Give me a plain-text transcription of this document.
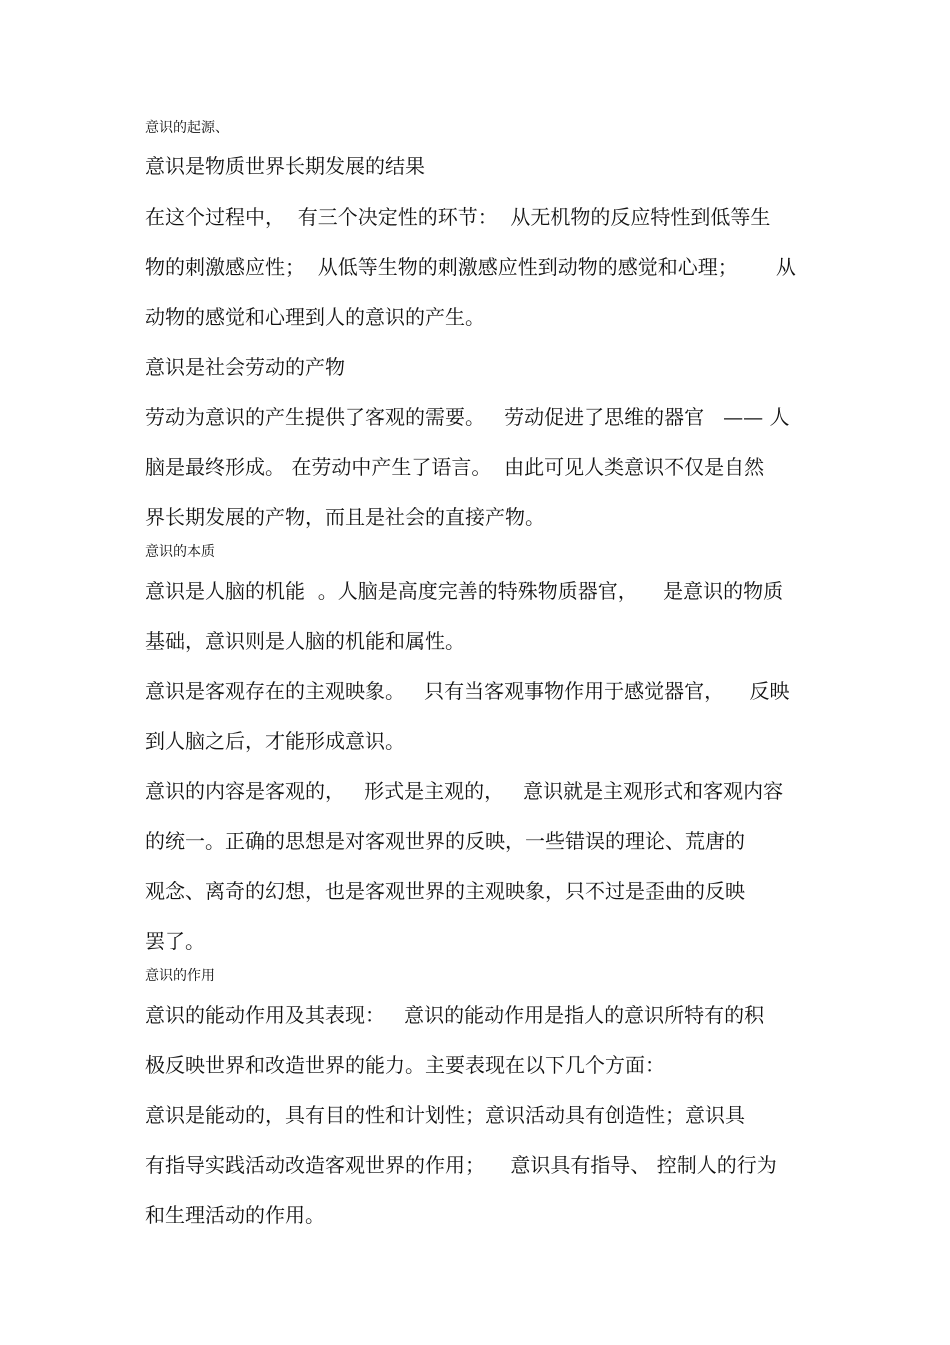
意识的起源、
意识是物质世界长期发展的结果
在这个过程中，  有三个决定性的环节：  从无机物的反应特性到低等生
物的刺激感应性；  从低等生物的刺激感应性到动物的感觉和心理；      从
动物的感觉和心理到人的意识的产生。
意识是社会劳动的产物
劳动为意识的产生提供了客观的需要。   劳动促进了思维的器官   —— 人
脑是最终形成。 在劳动中产生了语言。  由此可见人类意识不仅是自然
界长期发展的产物，而且是社会的直接产物。
意识的本质
意识是人脑的机能  。人脑是高度完善的特殊物质器官，    是意识的物质
基础，意识则是人脑的机能和属性。
意识是客观存在的主观映象。   只有当客观事物作用于感觉器官，    反映
到人脑之后，才能形成意识。
意识的内容是客观的，   形式是主观的，   意识就是主观形式和客观内容
的统一。正确的思想是对客观世界的反映，一些错误的理论、荒唐的
观念、离奇的幻想，也是客观世界的主观映象，只不过是歪曲的反映
罢了。
意识的作用
意识的能动作用及其表现：   意识的能动作用是指人的意识所特有的积
极反映世界和改造世界的能力。主要表现在以下几个方面：
意识是能动的，具有目的性和计划性；意识活动具有创造性；意识具
有指导实践活动改造客观世界的作用；    意识具有指导、 控制人的行为
和生理活动的作用。
